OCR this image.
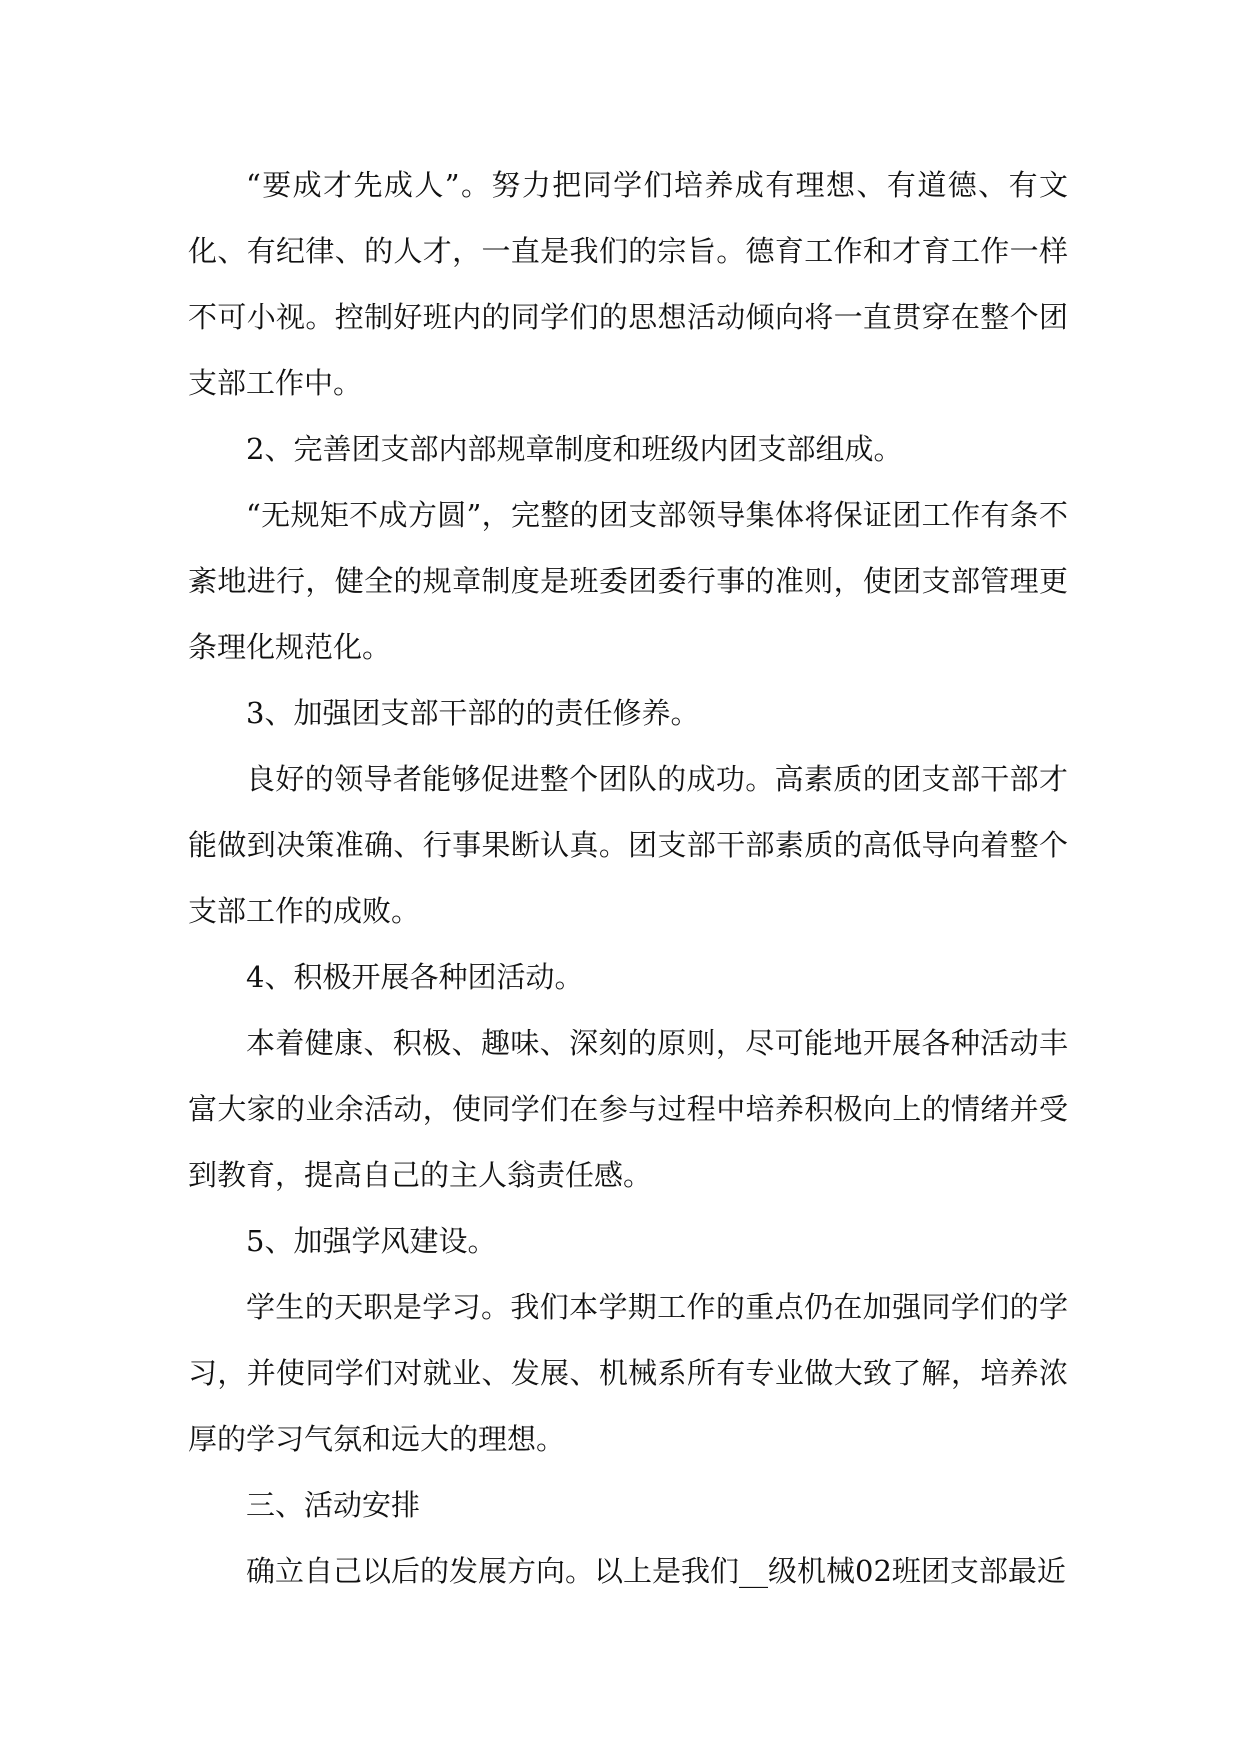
“要成才先成人”。努力把同学们培养成有理想、有道德、有文化、有纪律、的人才，一直是我们的宗旨。德育工作和才育工作一样不可小视。控制好班内的同学们的思想活动倾向将一直贯穿在整个团支部工作中。

2、完善团支部内部规章制度和班级内团支部组成。

“无规矩不成方圆”，完整的团支部领导集体将保证团工作有条不紊地进行，健全的规章制度是班委团委行事的准则，使团支部管理更条理化规范化。

3、加强团支部干部的的责任修养。

良好的领导者能够促进整个团队的成功。高素质的团支部干部才能做到决策准确、行事果断认真。团支部干部素质的高低导向着整个支部工作的成败。

4、积极开展各种团活动。

本着健康、积极、趣味、深刻的原则，尽可能地开展各种活动丰富大家的业余活动，使同学们在参与过程中培养积极向上的情绪并受到教育，提高自己的主人翁责任感。

5、加强学风建设。

学生的天职是学习。我们本学期工作的重点仍在加强同学们的学习，并使同学们对就业、发展、机械系所有专业做大致了解，培养浓厚的学习气氛和远大的理想。

三、活动安排

确立自己以后的发展方向。以上是我们__级机械02班团支部最近
